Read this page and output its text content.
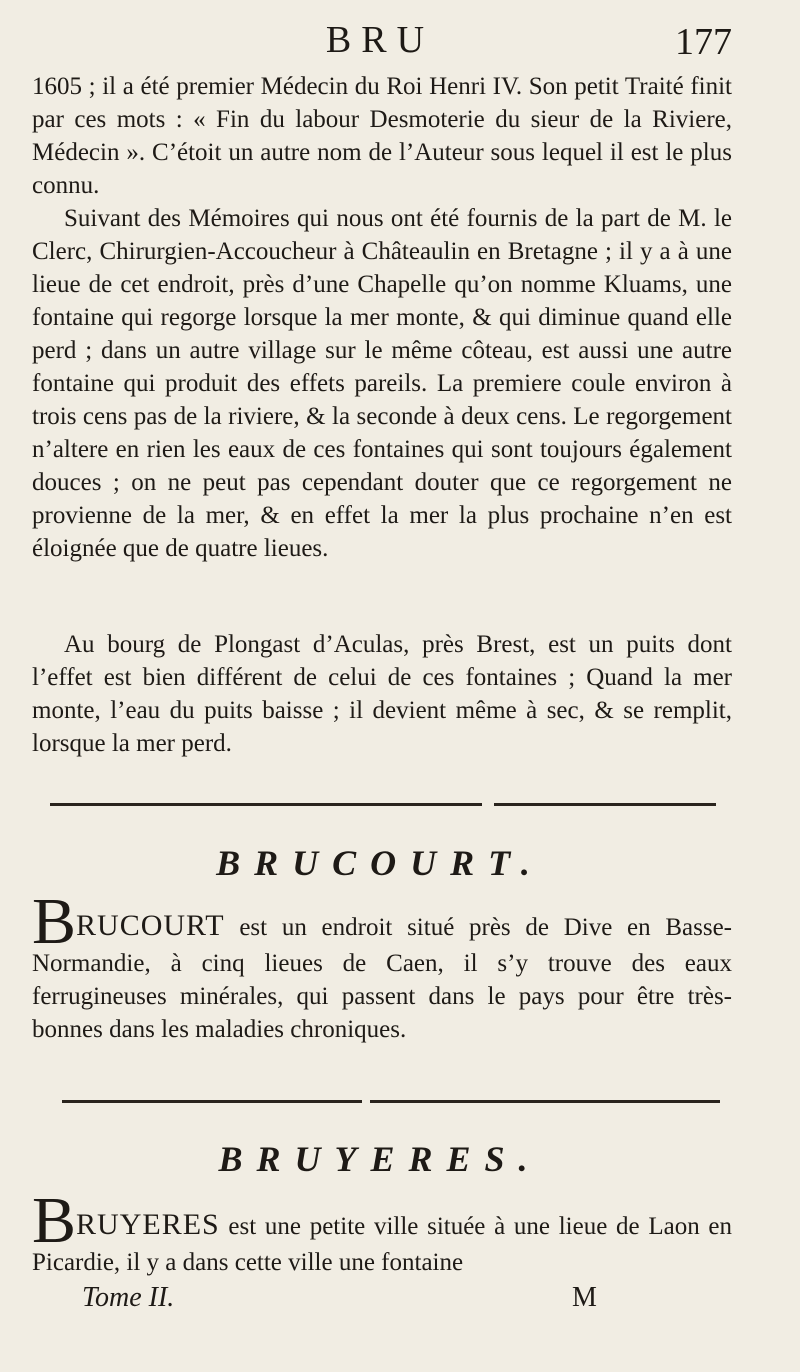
BRU	177

1605 ; il a été premier Médecin du Roi Henri IV. Son petit Traité finit par ces mots : « Fin du labour Desmoterie du sieur de la Riviere, Médecin ». C’étoit un autre nom de l’Auteur sous lequel il est le plus connu.

Suivant des Mémoires qui nous ont été fournis de la part de M. le Clerc, Chirurgien-Accoucheur à Châteaulin en Bretagne ; il y a à une lieue de cet endroit, près d’une Chapelle qu’on nomme Kluams, une fontaine qui regorge lorsque la mer monte, & qui diminue quand elle perd ; dans un autre village sur le même côteau, est aussi une autre fontaine qui produit des effets pareils. La premiere coule environ à trois cens pas de la riviere, & la seconde à deux cens. Le regorgement n’altere en rien les eaux de ces fontaines qui sont toujours également douces ; on ne peut pas cependant douter que ce regorgement ne provienne de la mer, & en effet la mer la plus prochaine n’en est éloignée que de quatre lieues.

Au bourg de Plongast d’Aculas, près Brest, est un puits dont l’effet est bien différent de celui de ces fontaines ; Quand la mer monte, l’eau du puits baisse ; il devient même à sec, & se remplit, lorsque la mer perd.

BRUCOURT.

BRUCOURT est un endroit situé près de Dive en Basse-Normandie, à cinq lieues de Caen, il s’y trouve des eaux ferrugineuses minérales, qui passent dans le pays pour être très-bonnes dans les maladies chroniques.

BRUYERES.

BRUYERES est une petite ville située à une lieue de Laon en Picardie, il y a dans cette ville une fontaine

Tome II.	M
